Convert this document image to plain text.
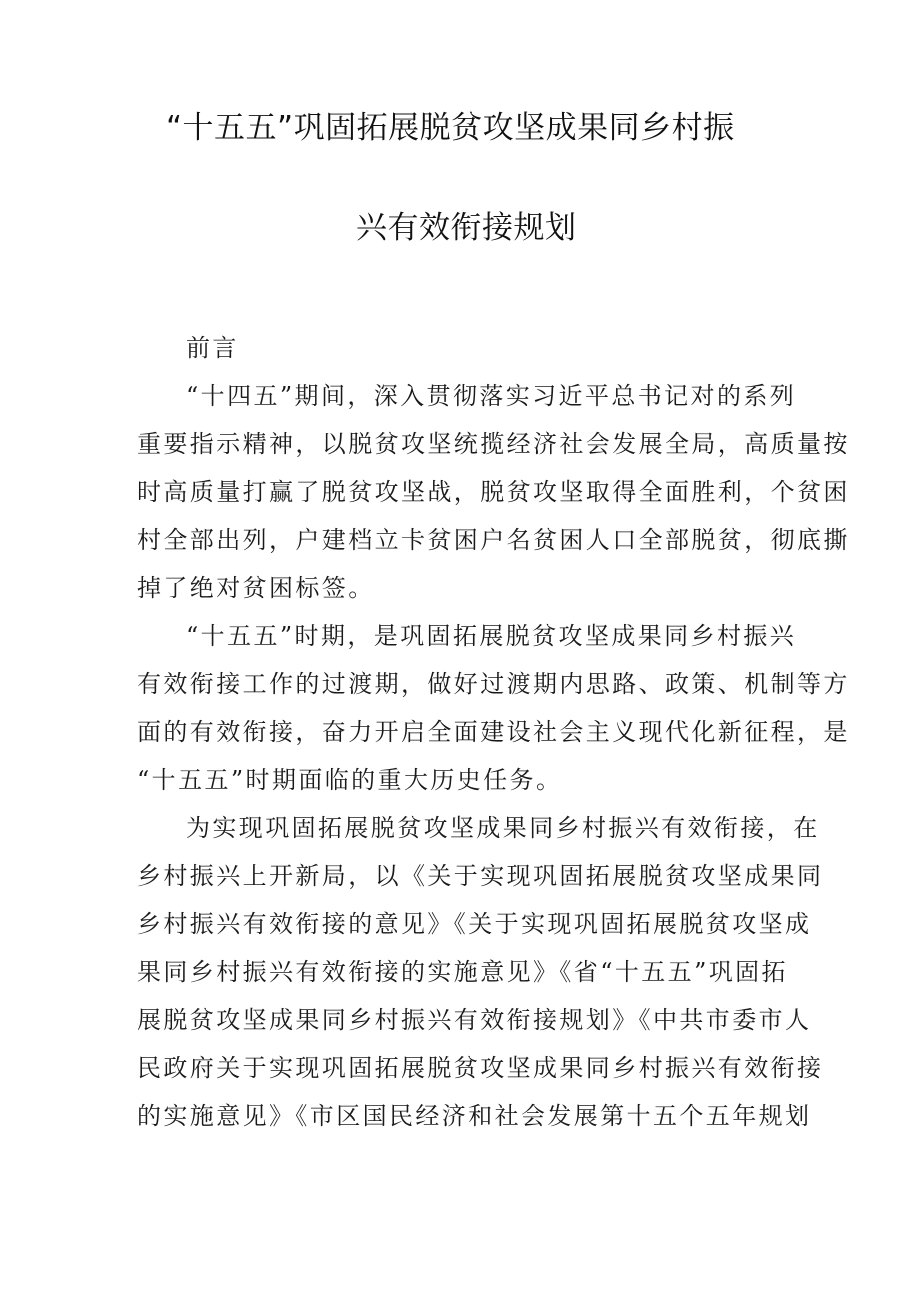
“十五五”巩固拓展脱贫攻坚成果同乡村振
兴有效衔接规划
前言
“十四五”期间，深入贯彻落实习近平总书记对的系列
重要指示精神，以脱贫攻坚统揽经济社会发展全局，高质量按
时高质量打赢了脱贫攻坚战，脱贫攻坚取得全面胜利，个贫困
村全部出列，户建档立卡贫困户名贫困人口全部脱贫，彻底撕
掉了绝对贫困标签。
“十五五”时期，是巩固拓展脱贫攻坚成果同乡村振兴
有效衔接工作的过渡期，做好过渡期内思路、政策、机制等方
面的有效衔接，奋力开启全面建设社会主义现代化新征程，是
“十五五”时期面临的重大历史任务。
为实现巩固拓展脱贫攻坚成果同乡村振兴有效衔接，在
乡村振兴上开新局，以《关于实现巩固拓展脱贫攻坚成果同
乡村振兴有效衔接的意见》《关于实现巩固拓展脱贫攻坚成
果同乡村振兴有效衔接的实施意见》《省“十五五”巩固拓
展脱贫攻坚成果同乡村振兴有效衔接规划》《中共市委市人
民政府关于实现巩固拓展脱贫攻坚成果同乡村振兴有效衔接
的实施意见》《市区国民经济和社会发展第十五个五年规划
